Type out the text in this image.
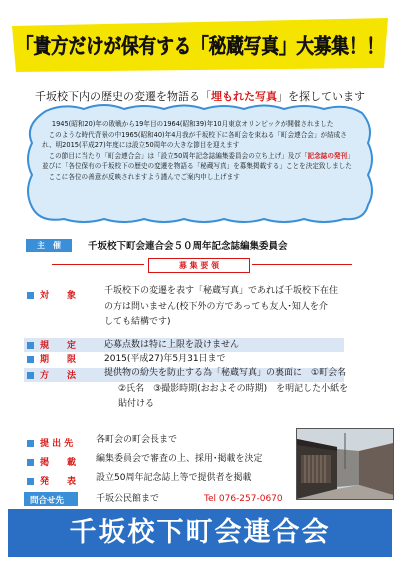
「貴方だけが保有する「秘蔵写真」大募集！！
千坂校下内の歴史の変遷を物語る「埋もれた写真」を探しています

1945(昭和20)年の敗戦から19年目の1964(昭和39)年10月東京オリンピックが開催されました

このような時代背景の中1965(昭和40)年4月我が千坂校下に各町会を束ねる「町会連合会」が結成され、明2015(平成27)年度には設立50周年の大きな節目を迎えます

この節目に当たり「町会連合会」は「設立50周年記念誌編集委員会の立ち上げ」及び「記念誌の発刊」並びに「各位保有の千坂校下の歴史の変遷を物語る「秘蔵写真」を募集掲載する」ことを決定致しました

ここに各位の善意が反映されますよう謹んでご案内申し上げます

主　催	千坂校下町会連合会５０周年記念誌編集委員会
募 集 要 領
対　　象	千坂校下の変遷を表す「秘蔵写真」であれば千坂校下在住
の方は問いません(校下外の方であっても友人･知人を介
しても結構です)
規　　定	応募点数は特に上限を設けません
期　　限	2015(平成27)年5月31日まで
方　　法	提供物の紛失を防止する為「秘蔵写真」の裏面に　①町会名
②氏名　③撮影時期(おおよその時期)　を明記した小紙を
貼付ける
提 出 先	各町会の町会長まで
掲　　載 編集委員会で審査の上、採用･掲載を決定
発　　表 設立50周年記念誌上等で提供者を掲載
問合せ先	千坂公民館まで	Tel 076-257-0670
千坂校下町会連合会
